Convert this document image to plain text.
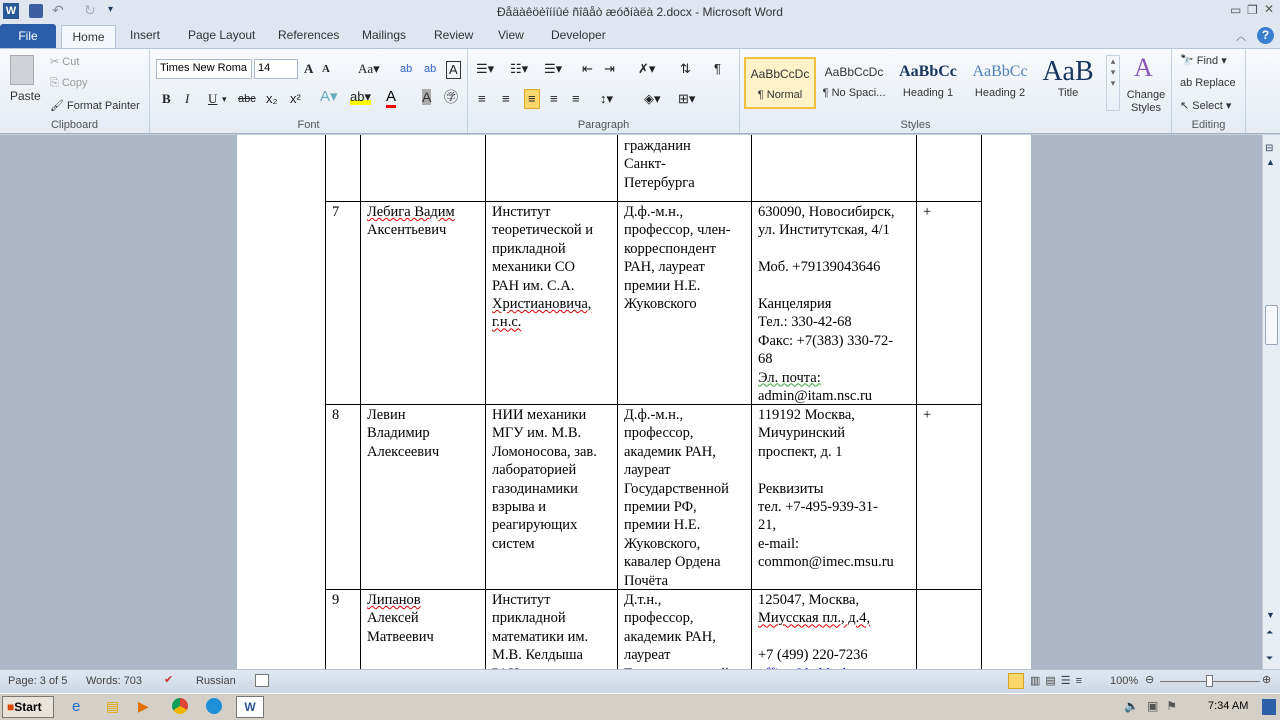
W	↶ ↻ ▾	Ðåäàêöèîííûé ñîâåò æóðíàëà 2.docx - Microsoft Word	▭ ❐ ✕
Insert Page Layout References Mailings Review View Developer	︿	?
File	Home
Paste
✂ Cut
⎘ Copy
🖌 Format Painter
Clipboard
Times New Roma	14	A A Aa▾ ab ab A
B I U ▾ abc x₂ x² A▾ ab▾ A A ㊫
Font
☰▾ ☷▾ ☰▾ ⇤ ⇥ ✗▾ ⇅ ¶
≡ ≡	≡	≡ ≡ ↕▾ ◈▾ ⊞▾
Paragraph
AaBbCcDc
¶ Normal
AaBbCcDc
¶ No Spaci...
AaBbCc
Heading 1
AaBbCc
Heading 2
AaB
Title
▴
▾
▾
A
Change Styles
Styles
🔭 Find ▾
ab Replace
↖ Select ▾
Editing
гражданин
Санкт-
Петербурга
7	Лебига Вадим
Аксентьевич
Институт
теоретической и
прикладной
механики СО
РАН им. С.А.
Христиановича,
г.н.с.
Д.ф.-м.н.,
профессор, член-
корреспондент
РАН, лауреат
премии Н.Е.
Жуковского
630090, Новосибирск,
ул. Институтская, 4/1
Моб. +79139043646
Канцелярия
Тел.: 330-42-68
Факс: +7(383) 330-72-
68
Эл. почта:
admin@itam.nsc.ru
+
8	Левин
Владимир
Алексеевич
НИИ механики
МГУ им. М.В.
Ломоносова, зав.
лабораторией
газодинамики
взрыва и
реагирующих
систем
Д.ф.-м.н.,
профессор,
академик РАН,
лауреат
Государственной
премии РФ,
премии Н.Е.
Жуковского,
кавалер Ордена
Почёта
119192 Москва,
Мичуринский
проспект, д. 1
Реквизиты
тел. +7-495-939-31-
21,
e-mail:
common@imec.msu.ru
+
9	Липанов
Алексей
Матвеевич
Институт
прикладной
математики им.
М.В. Келдыша
Д.т.н.,
профессор,
академик РАН,
лауреат
125047, Москва,
Миусская пл., д.4,
+7 (499) 220-7236
⊟
▲
▼
⏶
⏷
Page: 3 of 5 Words: 703 ✔ Russian	▥▤☰≡ 100% ⊖	⊕
■Start	e ▤ ▶	W	🔈▣⚑ 7:34 AM
